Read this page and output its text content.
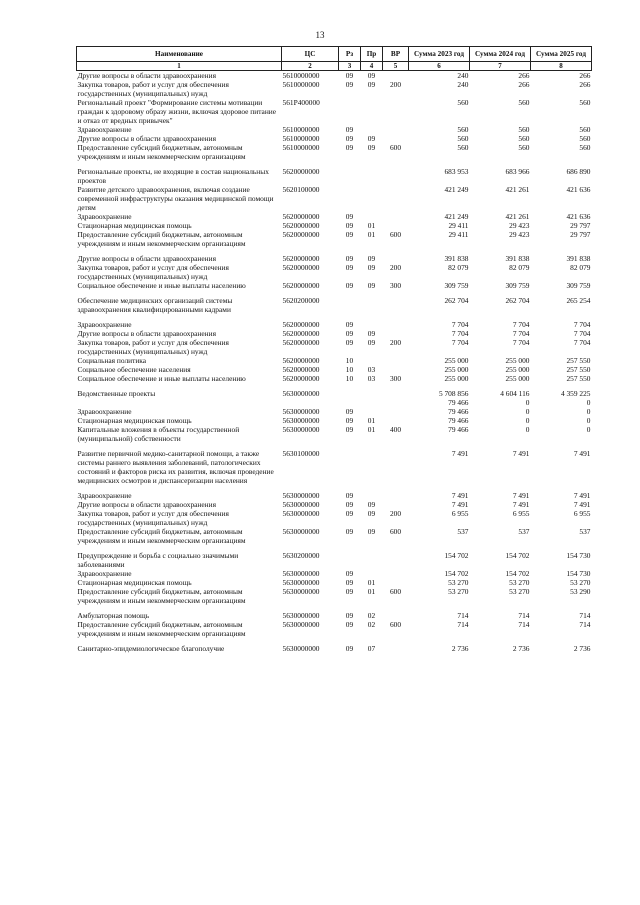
13
Наименование	ЦС	Рз	Пр	ВР	Сумма 2023 год	Сумма 2024 год	Сумма 2025 год
1	2	3	4	5	6	7	8
Другие вопросы в области здравоохранения	5610000000	09	09		240	266	266
Закупка товаров, работ и услуг для обеспечения государственных (муниципальных) нужд	5610000000	09	09	200	240	266	266
Региональный проект "Формирование системы мотивации граждан к здоровому образу жизни, включая здоровое питание и отказ от вредных привычек"	561P400000				560	560	560
Здравоохранение	5610000000	09			560	560	560
Другие вопросы в области здравоохранения	5610000000	09	09		560	560	560
Предоставление субсидий бюджетным, автономным учреждениям и иным некоммерческим организациям	5610000000	09	09	600	560	560	560

Региональные проекты, не входящие в состав национальных проектов	5620000000				683 953	683 966	686 890
Развитие детского здравоохранения, включая создание современной инфраструктуры оказания медицинской помощи детям	5620100000				421 249	421 261	421 636
Здравоохранение	5620000000	09			421 249	421 261	421 636
Стационарная медицинская помощь	5620000000	09	01		29 411	29 423	29 797
Предоставление субсидий бюджетным, автономным учреждениям и иным некоммерческим организациям	5620000000	09	01	600	29 411	29 423	29 797

Другие вопросы в области здравоохранения	5620000000	09	09		391 838	391 838	391 838
Закупка товаров, работ и услуг для обеспечения государственных (муниципальных) нужд	5620000000	09	09	200	82 079	82 079	82 079
Социальное обеспечение и иные выплаты населению	5620000000	09	09	300	309 759	309 759	309 759

Обеспечение медицинских организаций системы здравоохранения квалифицированными кадрами	5620200000				262 704	262 704	265 254

Здравоохранение	5620000000	09			7 704	7 704	7 704
Другие вопросы в области здравоохранения	5620000000	09	09		7 704	7 704	7 704
Закупка товаров, работ и услуг для обеспечения государственных (муниципальных) нужд	5620000000	09	09	200	7 704	7 704	7 704
Социальная политика	5620000000	10			255 000	255 000	257 550
Социальное обеспечение населения	5620000000	10	03		255 000	255 000	257 550
Социальное обеспечение и иные выплаты населению	5620000000	10	03	300	255 000	255 000	257 550

Ведомственные проекты	5630000000				5 708 856	4 604 116	4 359 225
					79 466	0	0
Здравоохранение	5630000000	09			79 466	0	0
Стационарная медицинская помощь	5630000000	09	01		79 466	0	0
Капитальные вложения в объекты государственной (муниципальной) собственности	5630000000	09	01	400	79 466	0	0

Развитие первичной медико-санитарной помощи, а также системы раннего выявления заболеваний, патологических состояний и факторов риска их развития, включая проведение медицинских осмотров и диспансеризации населения	5630100000				7 491	7 491	7 491

Здравоохранение	5630000000	09			7 491	7 491	7 491
Другие вопросы в области здравоохранения	5630000000	09	09		7 491	7 491	7 491
Закупка товаров, работ и услуг для обеспечения государственных (муниципальных) нужд	5630000000	09	09	200	6 955	6 955	6 955
Предоставление субсидий бюджетным, автономным учреждениям и иным некоммерческим организациям	5630000000	09	09	600	537	537	537

Предупреждение и борьба с социально значимыми заболеваниями	5630200000				154 702	154 702	154 730
Здравоохранение	5630000000	09			154 702	154 702	154 730
Стационарная медицинская помощь	5630000000	09	01		53 270	53 270	53 270
Предоставление субсидий бюджетным, автономным учреждениям и иным некоммерческим организациям	5630000000	09	01	600	53 270	53 270	53 290

Амбулаторная помощь	5630000000	09	02		714	714	714
Предоставление субсидий бюджетным, автономным учреждениям и иным некоммерческим организациям	5630000000	09	02	600	714	714	714

Санитарно-эпидемиологическое благополучие	5630000000	09	07		2 736	2 736	2 736
